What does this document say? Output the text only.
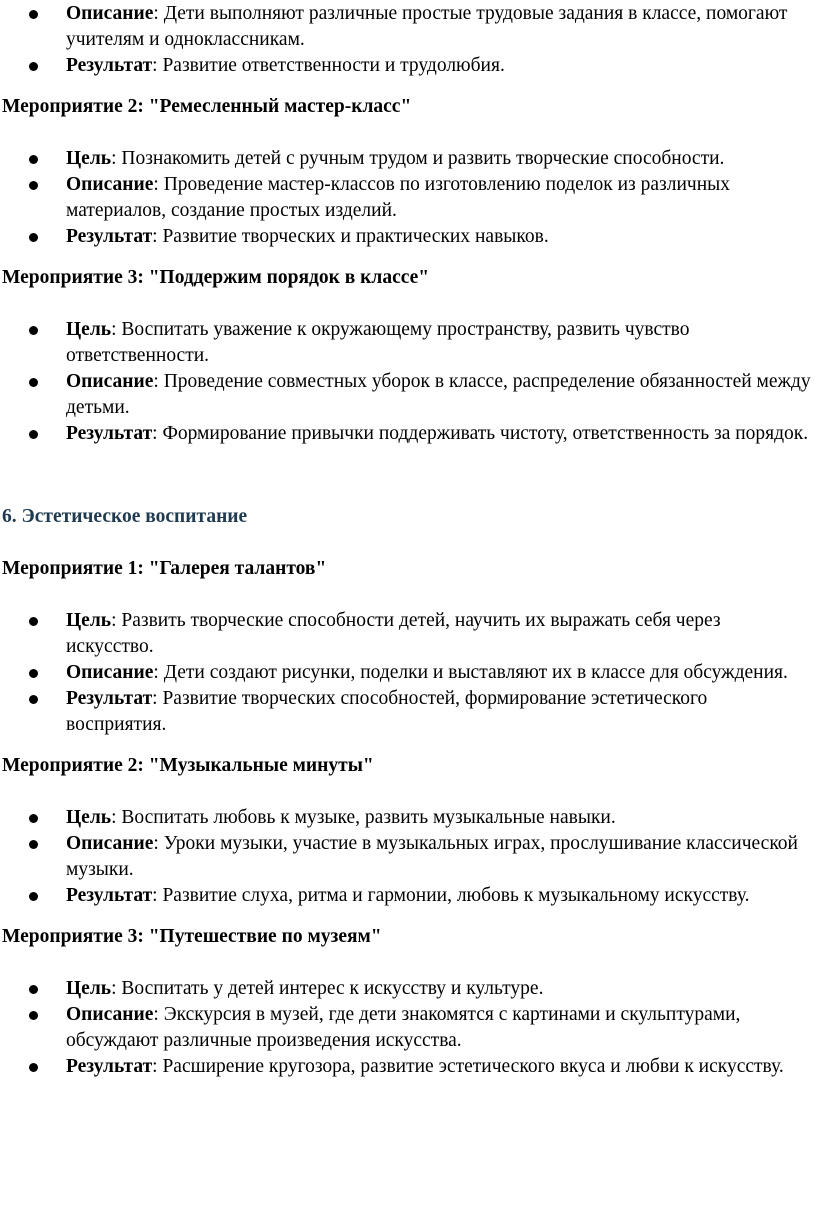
Описание: Дети выполняют различные простые трудовые задания в классе, помогают учителям и одноклассникам.
Результат: Развитие ответственности и трудолюбия.

Мероприятие 2: "Ремесленный мастер-класс"

Цель: Познакомить детей с ручным трудом и развить творческие способности.
Описание: Проведение мастер-классов по изготовлению поделок из различных материалов, создание простых изделий.
Результат: Развитие творческих и практических навыков.

Мероприятие 3: "Поддержим порядок в классе"

Цель: Воспитать уважение к окружающему пространству, развить чувство ответственности.
Описание: Проведение совместных уборок в классе, распределение обязанностей между детьми.
Результат: Формирование привычки поддерживать чистоту, ответственность за порядок.

6. Эстетическое воспитание

Мероприятие 1: "Галерея талантов"

Цель: Развить творческие способности детей, научить их выражать себя через искусство.
Описание: Дети создают рисунки, поделки и выставляют их в классе для обсуждения.
Результат: Развитие творческих способностей, формирование эстетического восприятия.

Мероприятие 2: "Музыкальные минуты"

Цель: Воспитать любовь к музыке, развить музыкальные навыки.
Описание: Уроки музыки, участие в музыкальных играх, прослушивание классической музыки.
Результат: Развитие слуха, ритма и гармонии, любовь к музыкальному искусству.

Мероприятие 3: "Путешествие по музеям"

Цель: Воспитать у детей интерес к искусству и культуре.
Описание: Экскурсия в музей, где дети знакомятся с картинами и скульптурами, обсуждают различные произведения искусства.
Результат: Расширение кругозора, развитие эстетического вкуса и любви к искусству.
